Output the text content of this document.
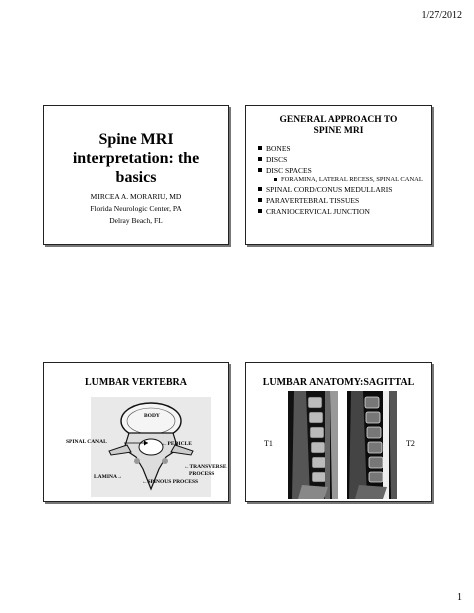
1/27/2012
Spine MRI
interpretation: the
basics
MIRCEA A. MORARIU, MD
Florida Neurologic Center, PA
Delray Beach, FL
GENERAL APPROACH TO
SPINE MRI
BONES
DISCS
DISC SPACES
FORAMINA, LATERAL RECESS, SPINAL CANAL
SPINAL CORD/CONUS MEDULLARIS
PARAVERTEBRAL TISSUES
CRANIOCERVICAL JUNCTION
LUMBAR VERTEBRA
BODY
SPINAL CANAL	←PEDICLE
LAMINA→
←TRANSVERSE
PROCESS
←SPINOUS PROCESS
LUMBAR ANATOMY:SAGITTAL
T1	T2
1
